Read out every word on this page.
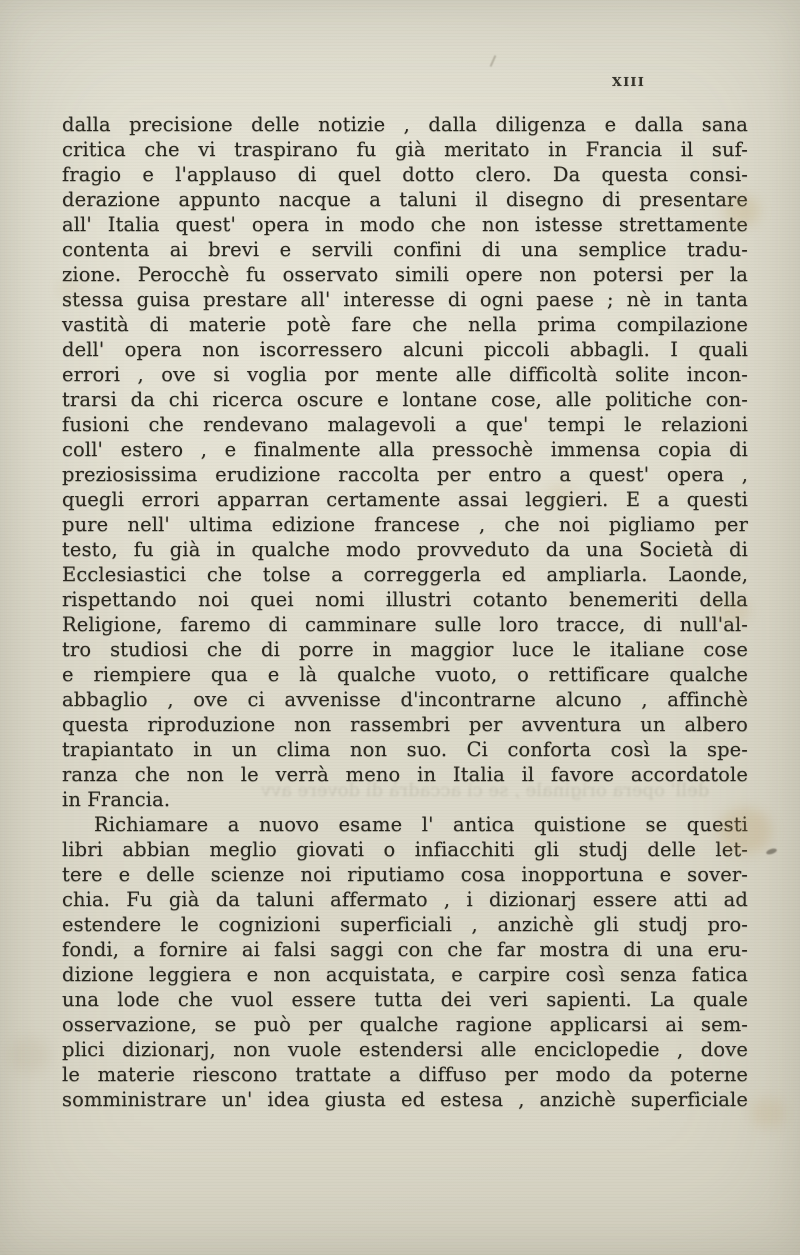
XIII
dell' opera originale , se ci accadrà di dovere avv
dalla precisione delle notizie , dalla diligenza e dalla sana
critica che vi traspirano fu già meritato in Francia il suf-
fragio e l'applauso di quel dotto clero. Da questa consi-
derazione appunto nacque a taluni il disegno di presentare
all' Italia quest' opera in modo che non istesse strettamente
contenta ai brevi e servili confini di una semplice tradu-
zione. Perocchè fu osservato simili opere non potersi per la
stessa guisa prestare all' interesse di ogni paese ; nè in tanta
vastità di materie potè fare che nella prima compilazione
dell' opera non iscorressero alcuni piccoli abbagli. I quali
errori , ove si voglia por mente alle difficoltà solite incon-
trarsi da chi ricerca oscure e lontane cose, alle politiche con-
fusioni che rendevano malagevoli a que' tempi le relazioni
coll' estero , e finalmente alla pressochè immensa copia di
preziosissima erudizione raccolta per entro a quest' opera ,
quegli errori apparran certamente assai leggieri. E a questi
pure nell' ultima edizione francese , che noi pigliamo per
testo, fu già in qualche modo provveduto da una Società di
Ecclesiastici che tolse a correggerla ed ampliarla. Laonde,
rispettando noi quei nomi illustri cotanto benemeriti della
Religione, faremo di camminare sulle loro tracce, di null'al-
tro studiosi che di porre in maggior luce le italiane cose
e riempiere qua e là qualche vuoto, o rettificare qualche
abbaglio , ove ci avvenisse d'incontrarne alcuno , affinchè
questa riproduzione non rassembri per avventura un albero
trapiantato in un clima non suo. Ci conforta così la spe-
ranza che non le verrà meno in Italia il favore accordatole
in Francia.
Richiamare a nuovo esame l' antica quistione se questi
libri abbian meglio giovati o infiacchiti gli studj delle let-
tere e delle scienze noi riputiamo cosa inopportuna e sover-
chia. Fu già da taluni affermato , i dizionarj essere atti ad
estendere le cognizioni superficiali , anzichè gli studj pro-
fondi, a fornire ai falsi saggi con che far mostra di una eru-
dizione leggiera e non acquistata, e carpire così senza fatica
una lode che vuol essere tutta dei veri sapienti. La quale
osservazione, se può per qualche ragione applicarsi ai sem-
plici dizionarj, non vuole estendersi alle enciclopedie , dove
le materie riescono trattate a diffuso per modo da poterne
somministrare un' idea giusta ed estesa , anzichè superficiale
